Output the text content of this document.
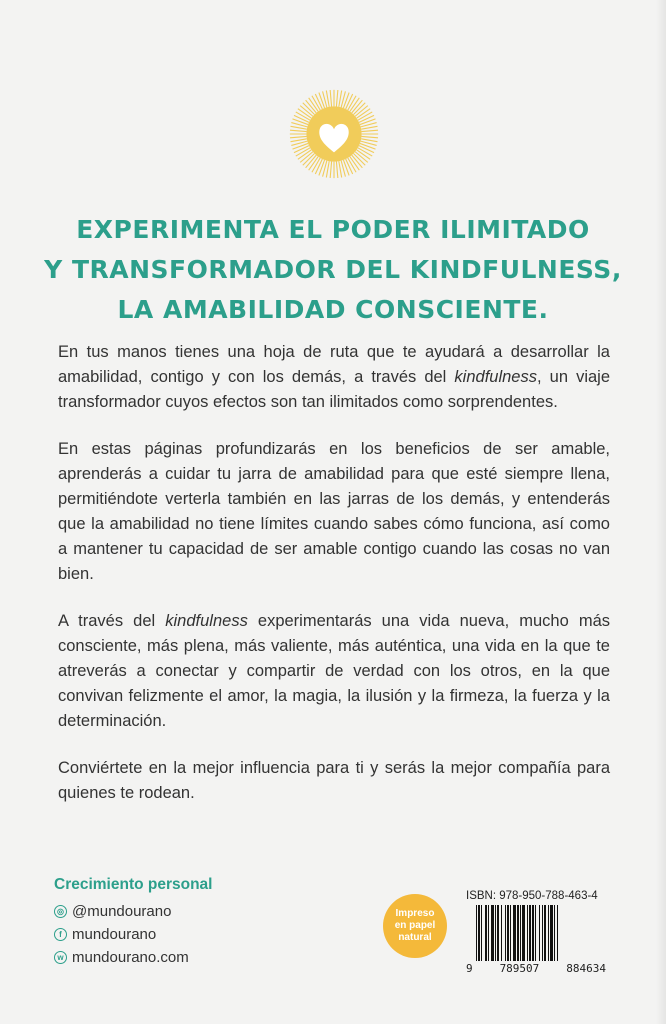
EXPERIMENTA EL PODER ILIMITADO
Y TRANSFORMADOR DEL KINDFULNESS,
LA AMABILIDAD CONSCIENTE.

En tus manos tienes una hoja de ruta que te ayudará a desarrollar la amabilidad, contigo y con los demás, a través del kindfulness, un viaje transformador cuyos efectos son tan ilimitados como sorprendentes.

En estas páginas profundizarás en los beneficios de ser amable, aprenderás a cuidar tu jarra de amabilidad para que esté siempre llena, permitiéndote verterla también en las jarras de los demás, y entenderás que la amabilidad no tiene límites cuando sabes cómo funciona, así como a mantener tu capacidad de ser amable contigo cuando las cosas no van bien.

A través del kindfulness experimentarás una vida nueva, mucho más consciente, más plena, más valiente, más auténtica, una vida en la que te atreverás a conectar y compartir de verdad con los otros, en la que convivan felizmente el amor, la magia, la ilusión y la firmeza, la fuerza y la determinación.

Conviértete en la mejor influencia para ti y serás la mejor compañía para quienes te rodean.

Crecimiento personal
◎ @mundourano
f mundourano
w mundourano.com
Impreso
en papel
natural
ISBN: 978-950-788-463-4
9 789507 884634
